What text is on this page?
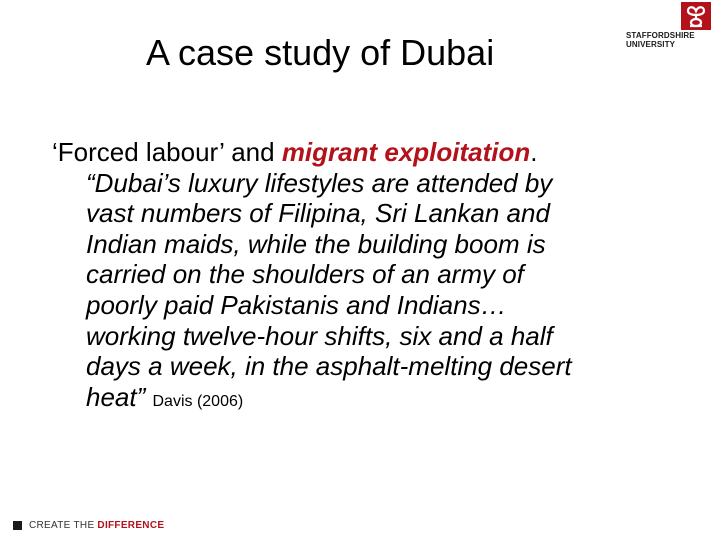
A case study of Dubai	STAFFORDSHIRE
UNIVERSITY
‘Forced labour’ and migrant exploitation.
“Dubai’s luxury lifestyles are attended by
vast numbers of Filipina, Sri Lankan and
Indian maids, while the building boom is
carried on the shoulders of an army of
poorly paid Pakistanis and Indians…
working twelve-hour shifts, six and a half
days a week, in the asphalt-melting desert
heat” Davis (2006)
CREATE THE DIFFERENCE
